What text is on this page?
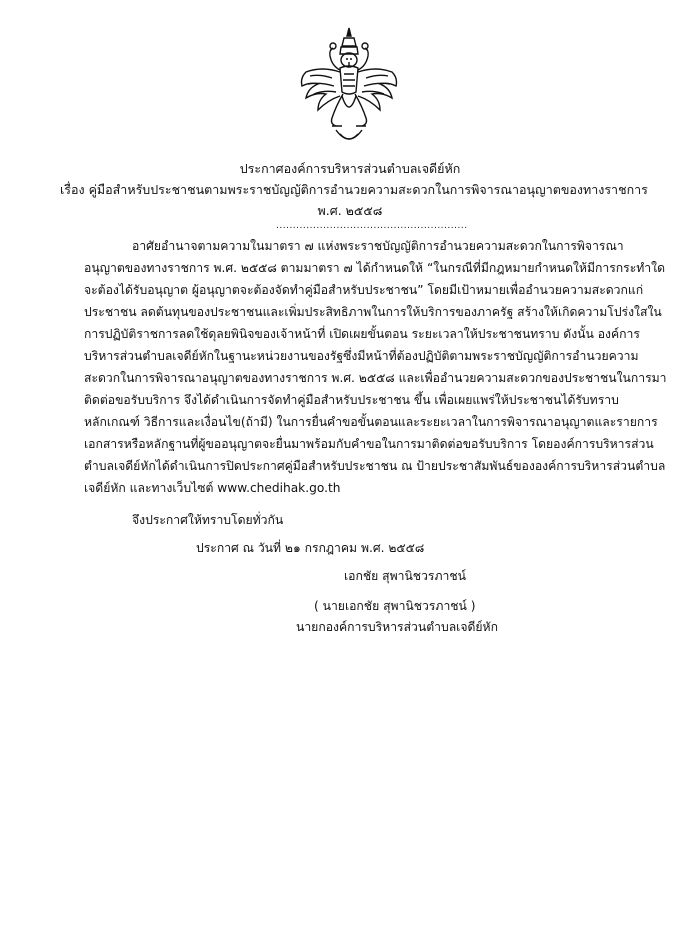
ประกาศองค์การบริหารส่วนตำบลเจดีย์หัก

เรื่อง คู่มือสำหรับประชาชนตามพระราชบัญญัติการอำนวยความสะดวกในการพิจารณาอนุญาตของทางราชการ

พ.ศ. ๒๕๕๘

.........................................................
อาศัยอำนาจตามความในมาตรา ๗ แห่งพระราชบัญญัติการอำนวยความสะดวกในการพิจารณา
อนุญาตของทางราชการ พ.ศ. ๒๕๕๘ ตามมาตรา ๗ ได้กำหนดให้ “ในกรณีที่มีกฎหมายกำหนดให้มีการกระทำใด
จะต้องได้รับอนุญาต ผู้อนุญาตจะต้องจัดทำคู่มือสำหรับประชาชน” โดยมีเป้าหมายเพื่ออำนวยความสะดวกแก่
ประชาชน ลดต้นทุนของประชาชนและเพิ่มประสิทธิภาพในการให้บริการของภาครัฐ สร้างให้เกิดความโปร่งใสใน
การปฏิบัติราชการลดใช้ดุลยพินิจของเจ้าหน้าที่ เปิดเผยขั้นตอน ระยะเวลาให้ประชาชนทราบ ดังนั้น องค์การ
บริหารส่วนตำบลเจดีย์หักในฐานะหน่วยงานของรัฐซึ่งมีหน้าที่ต้องปฏิบัติตามพระราชบัญญัติการอำนวยความ
สะดวกในการพิจารณาอนุญาตของทางราชการ พ.ศ. ๒๕๕๘ และเพื่ออำนวยความสะดวกของประชาชนในการมา
ติดต่อขอรับบริการ จึงได้ดำเนินการจัดทำคู่มือสำหรับประชาชน ขึ้น เพื่อเผยแพร่ให้ประชาชนได้รับทราบ
หลักเกณฑ์ วิธีการและเงื่อนไข(ถ้ามี) ในการยื่นคำขอขั้นตอนและระยะเวลาในการพิจารณาอนุญาตและรายการ
เอกสารหรือหลักฐานที่ผู้ขออนุญาตจะยื่นมาพร้อมกับคำขอในการมาติดต่อขอรับบริการ โดยองค์การบริหารส่วน
ตำบลเจดีย์หักได้ดำเนินการปิดประกาศคู่มือสำหรับประชาชน ณ ป้ายประชาสัมพันธ์ขององค์การบริหารส่วนตำบล
เจดีย์หัก และทางเว็บไซต์ www.chedihak.go.th
จึงประกาศให้ทราบโดยทั่วกัน
ประกาศ ณ วันที่ ๒๑ กรกฎาคม พ.ศ. ๒๕๕๘
เอกชัย สุพานิชวรภาชน์
( นายเอกชัย สุพานิชวรภาชน์ )
นายกองค์การบริหารส่วนตำบลเจดีย์หัก
